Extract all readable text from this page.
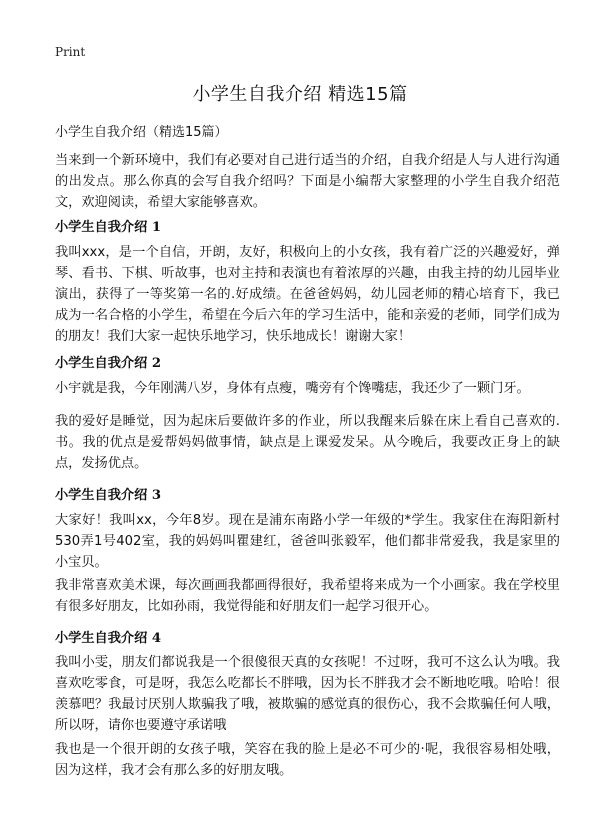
Print
小学生自我介绍 精选15篇
小学生自我介绍（精选15篇）

当来到一个新环境中，我们有必要对自己进行适当的介绍，自我介绍是人与人进行沟通的出发点。那么你真的会写自我介绍吗？下面是小编帮大家整理的小学生自我介绍范文，欢迎阅读，希望大家能够喜欢。

小学生自我介绍 1

我叫xxx，是一个自信，开朗，友好，积极向上的小女孩，我有着广泛的兴趣爱好，弹琴、看书、下棋、听故事，也对主持和表演也有着浓厚的兴趣，由我主持的幼儿园毕业演出，获得了一等奖第一名的.好成绩。在爸爸妈妈，幼儿园老师的精心培育下，我已成为一名合格的小学生，希望在今后六年的学习生活中，能和亲爱的老师，同学们成为的朋友！我们大家一起快乐地学习，快乐地成长！谢谢大家！

小学生自我介绍 2

小宇就是我，今年刚满八岁，身体有点瘦，嘴旁有个馋嘴痣，我还少了一颗门牙。

我的爱好是睡觉，因为起床后要做许多的作业，所以我醒来后躲在床上看自己喜欢的.书。我的优点是爱帮妈妈做事情，缺点是上课爱发呆。从今晚后，我要改正身上的缺点，发扬优点。

小学生自我介绍 3

大家好！我叫xx，今年8岁。现在是浦东南路小学一年级的*学生。我家住在海阳新村530弄1号402室，我的妈妈叫瞿建红，爸爸叫张毅军，他们都非常爱我，我是家里的小宝贝。

我非常喜欢美术课，每次画画我都画得很好，我希望将来成为一个小画家。我在学校里有很多好朋友，比如孙雨，我觉得能和好朋友们一起学习很开心。

小学生自我介绍 4

我叫小雯，朋友们都说我是一个很傻很天真的女孩呢！不过呀，我可不这么认为哦。我喜欢吃零食，可是呀，我怎么吃都长不胖哦，因为长不胖我才会不断地吃哦。哈哈！很羡慕吧？我最讨厌别人欺骗我了哦，被欺骗的感觉真的很伤心，我不会欺骗任何人哦，所以呀，请你也要遵守承诺哦

我也是一个很开朗的女孩子哦，笑容在我的脸上是必不可少的·呢，我很容易相处哦，因为这样，我才会有那么多的好朋友哦。
